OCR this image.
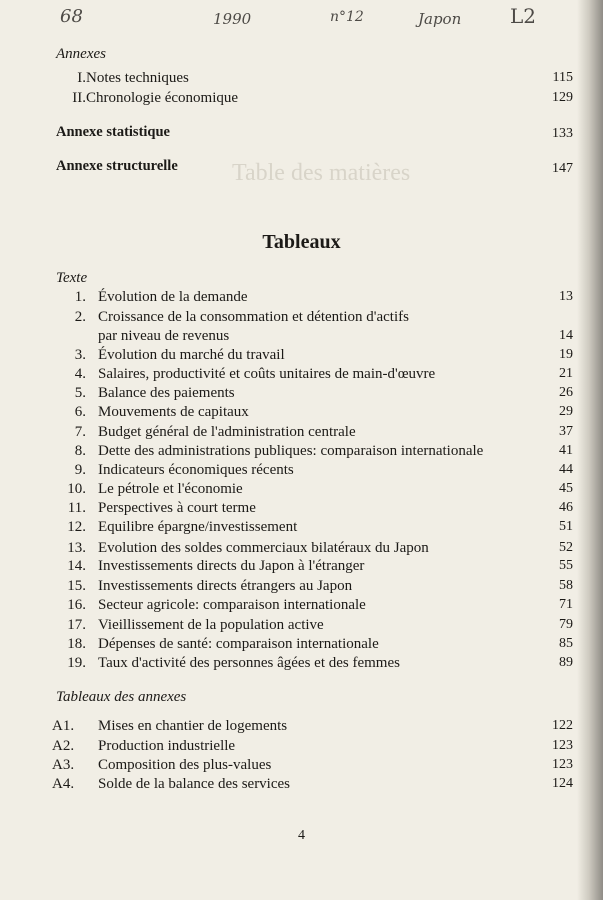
Table des matières
68	1990	n°12	Japon L2
Annexes
I. Notes techniques	115
II. Chronologie économique	129
Annexe statistique	133
Annexe structurelle	147
Tableaux
Texte
1. Évolution de la demande	13
2. Croissance de la consommation et détention d'actifs
par niveau de revenus	14
3. Évolution du marché du travail	19
4. Salaires, productivité et coûts unitaires de main-d'œuvre	21
5. Balance des paiements	26
6. Mouvements de capitaux	29
7. Budget général de l'administration centrale	37
8. Dette des administrations publiques: comparaison internationale	41
9. Indicateurs économiques récents	44
10. Le pétrole et l'économie	45
11. Perspectives à court terme	46
12. Equilibre épargne/investissement	51
13. Evolution des soldes commerciaux bilatéraux du Japon	52
14. Investissements directs du Japon à l'étranger	55
15. Investissements directs étrangers au Japon	58
16. Secteur agricole: comparaison internationale	71
17. Vieillissement de la population active	79
18. Dépenses de santé: comparaison internationale	85
19. Taux d'activité des personnes âgées et des femmes	89
Tableaux des annexes
A1.	Mises en chantier de logements	122
A2.	Production industrielle	123
A3.	Composition des plus-values	123
A4.	Solde de la balance des services	124
4
